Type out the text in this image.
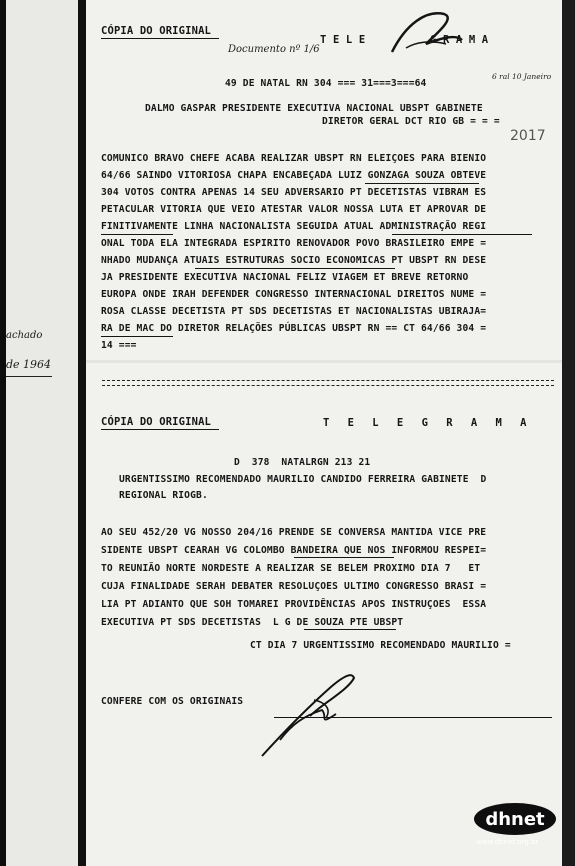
achado
de 1964
CÓPIA DO ORIGINAL
T E L E          G R A M A
Documento nº 1/6
49 DE NATAL RN 304 === 31===3===64
6 ral 10 Janeiro
DALMO GASPAR PRESIDENTE EXECUTIVA NACIONAL UBSPT GABINETE
DIRETOR GERAL DCT RIO GB = = =
2017
COMUNICO BRAVO CHEFE ACABA REALIZAR UBSPT RN ELEIÇOES PARA BIENIO
64/66 SAINDO VITORIOSA CHAPA ENCABEÇADA LUIZ GONZAGA SOUZA OBTEVE
304 VOTOS CONTRA APENAS 14 SEU ADVERSARIO PT DECETISTAS VIBRAM ES
PETACULAR VITORIA QUE VEIO ATESTAR VALOR NOSSA LUTA ET APROVAR DE
FINITIVAMENTE LINHA NACIONALISTA SEGUIDA ATUAL ADMINISTRAÇÃO REGI
ONAL TODA ELA INTEGRADA ESPIRITO RENOVADOR POVO BRASILEIRO EMPE =
NHADO MUDANÇA ATUAIS ESTRUTURAS SOCIO ECONOMICAS PT UBSPT RN DESE
JA PRESIDENTE EXECUTIVA NACIONAL FELIZ VIAGEM ET BREVE RETORNO
EUROPA ONDE IRAH DEFENDER CONGRESSO INTERNACIONAL DIREITOS NUME =
ROSA CLASSE DECETISTA PT SDS DECETISTAS ET NACIONALISTAS UBIRAJA=
RA DE MAC DO DIRETOR RELAÇÕES PÚBLICAS UBSPT RN == CT 64/66 304 =
14 ===
CÓPIA DO ORIGINAL	T E L E G R A M A
D  378  NATALRGN 213 21
URGENTISSIMO RECOMENDADO MAURILIO CANDIDO FERREIRA GABINETE  D
REGIONAL RIOGB.
AO SEU 452/20 VG NOSSO 204/16 PRENDE SE CONVERSA MANTIDA VICE PRE
SIDENTE UBSPT CEARAH VG COLOMBO BANDEIRA QUE NOS INFORMOU RESPEI=
TO REUNIÃO NORTE NORDESTE A REALIZAR SE BELEM PROXIMO DIA 7   ET
CUJA FINALIDADE SERAH DEBATER RESOLUÇOES ULTIMO CONGRESSO BRASI =
LIA PT ADIANTO QUE SOH TOMAREI PROVIDÊNCIAS APOS INSTRUÇOES  ESSA
EXECUTIVA PT SDS DECETISTAS  L G DE SOUZA PTE UBSPT
CT DIA 7 URGENTISSIMO RECOMENDADO MAURILIO =
CONFERE COM OS ORIGINAIS
dhnet
www.dhnet.org.br
